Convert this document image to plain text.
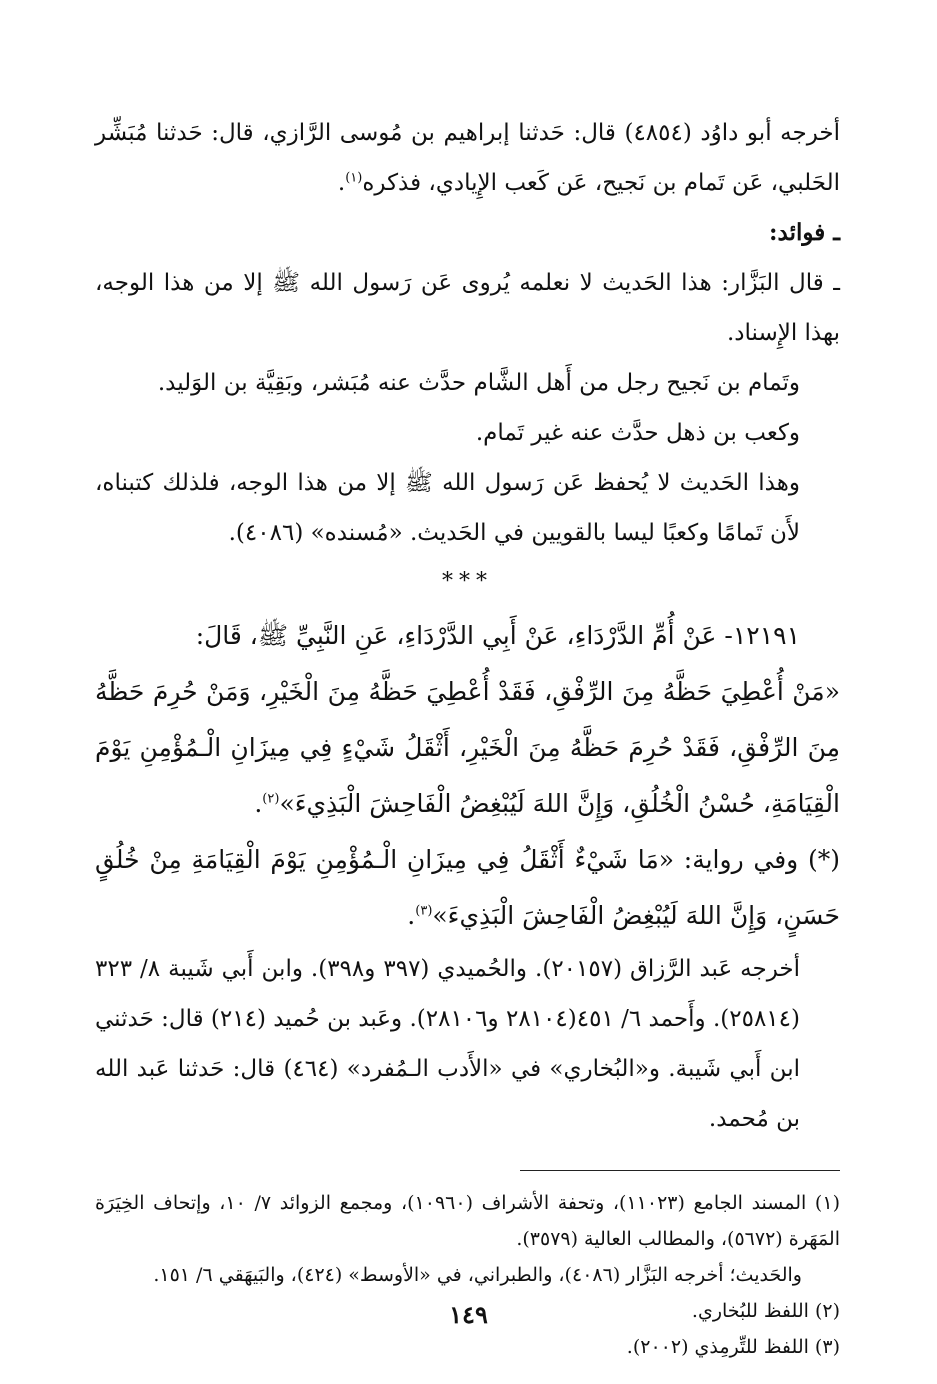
أخرجه أبو داوُد (٤٨٥٤) قال: حَدثنا إبراهيم بن مُوسى الرَّازي، قال: حَدثنا مُبَشِّر الحَلبي، عَن تَمام بن نَجيح، عَن كَعب الإِيادي، فذكره$^{(١)}$.

ـ فوائد:

ـ قال البَزَّار: هذا الحَديث لا نعلمه يُروى عَن رَسول الله ﷺ إلا من هذا الوجه، بهذا الإِسناد.

وتَمام بن نَجيح رجل من أَهل الشَّام حدَّث عنه مُبَشر، وبَقِيَّة بن الوَليد.

وكعب بن ذهل حدَّث عنه غير تَمام.

وهذا الحَديث لا يُحفظ عَن رَسول الله ﷺ إلا من هذا الوجه، فلذلك كتبناه، لأَن تَمامًا وكعبًا ليسا بالقويين في الحَديث. «مُسنده» (٤٠٨٦).

***

١٢١٩١- عَنْ أُمِّ الدَّرْدَاءِ، عَنْ أَبِي الدَّرْدَاءِ، عَنِ النَّبِيِّ ﷺ، قَالَ:

«مَنْ أُعْطِيَ حَظَّهُ مِنَ الرِّفْقِ، فَقَدْ أُعْطِيَ حَظَّهُ مِنَ الْخَيْرِ، وَمَنْ حُرِمَ حَظَّهُ مِنَ الرِّفْقِ، فَقَدْ حُرِمَ حَظَّهُ مِنَ الْخَيْرِ، أَثْقَلُ شَيْءٍ فِي مِيزَانِ الْـمُؤْمِنِ يَوْمَ الْقِيَامَةِ، حُسْنُ الْخُلُقِ، وَإِنَّ اللهَ لَيُبْغِضُ الْفَاحِشَ الْبَذِيءَ»$^{(٢)}$.

(*) وفي رواية: «مَا شَيْءٌ أَثْقَلُ فِي مِيزَانِ الْـمُؤْمِنِ يَوْمَ الْقِيَامَةِ مِنْ خُلُقٍ حَسَنٍ، وَإِنَّ اللهَ لَيُبْغِضُ الْفَاحِشَ الْبَذِيءَ»$^{(٣)}$.

أخرجه عَبد الرَّزاق (٢٠١٥٧). والحُميدي (٣٩٧ و٣٩٨). وابن أَبي شَيبة ٨/ ٣٢٣ (٢٥٨١٤). وأَحمد ٦/ ٤٥١(٢٨١٠٤ و٢٨١٠٦). وعَبد بن حُميد (٢١٤) قال: حَدثني ابن أَبي شَيبة. و«البُخاري» في «الأَدب الـمُفرد» (٤٦٤) قال: حَدثنا عَبد الله بن مُحمد.

(١) المسند الجامع (١١٠٢٣)، وتحفة الأشراف (١٠٩٦٠)، ومجمع الزوائد ٧/ ١٠، وإتحاف الخِيَرَة المَهَرة (٥٦٧٢)، والمطالب العالية (٣٥٧٩).

والحَديث؛ أخرجه البَزَّار (٤٠٨٦)، والطبراني، في «الأوسط» (٤٢٤)، والبَيهَقي ٦/ ١٥١.

(٢) اللفظ للبُخاري.

(٣) اللفظ للتِّرمِذي (٢٠٠٢).

١٤٩
